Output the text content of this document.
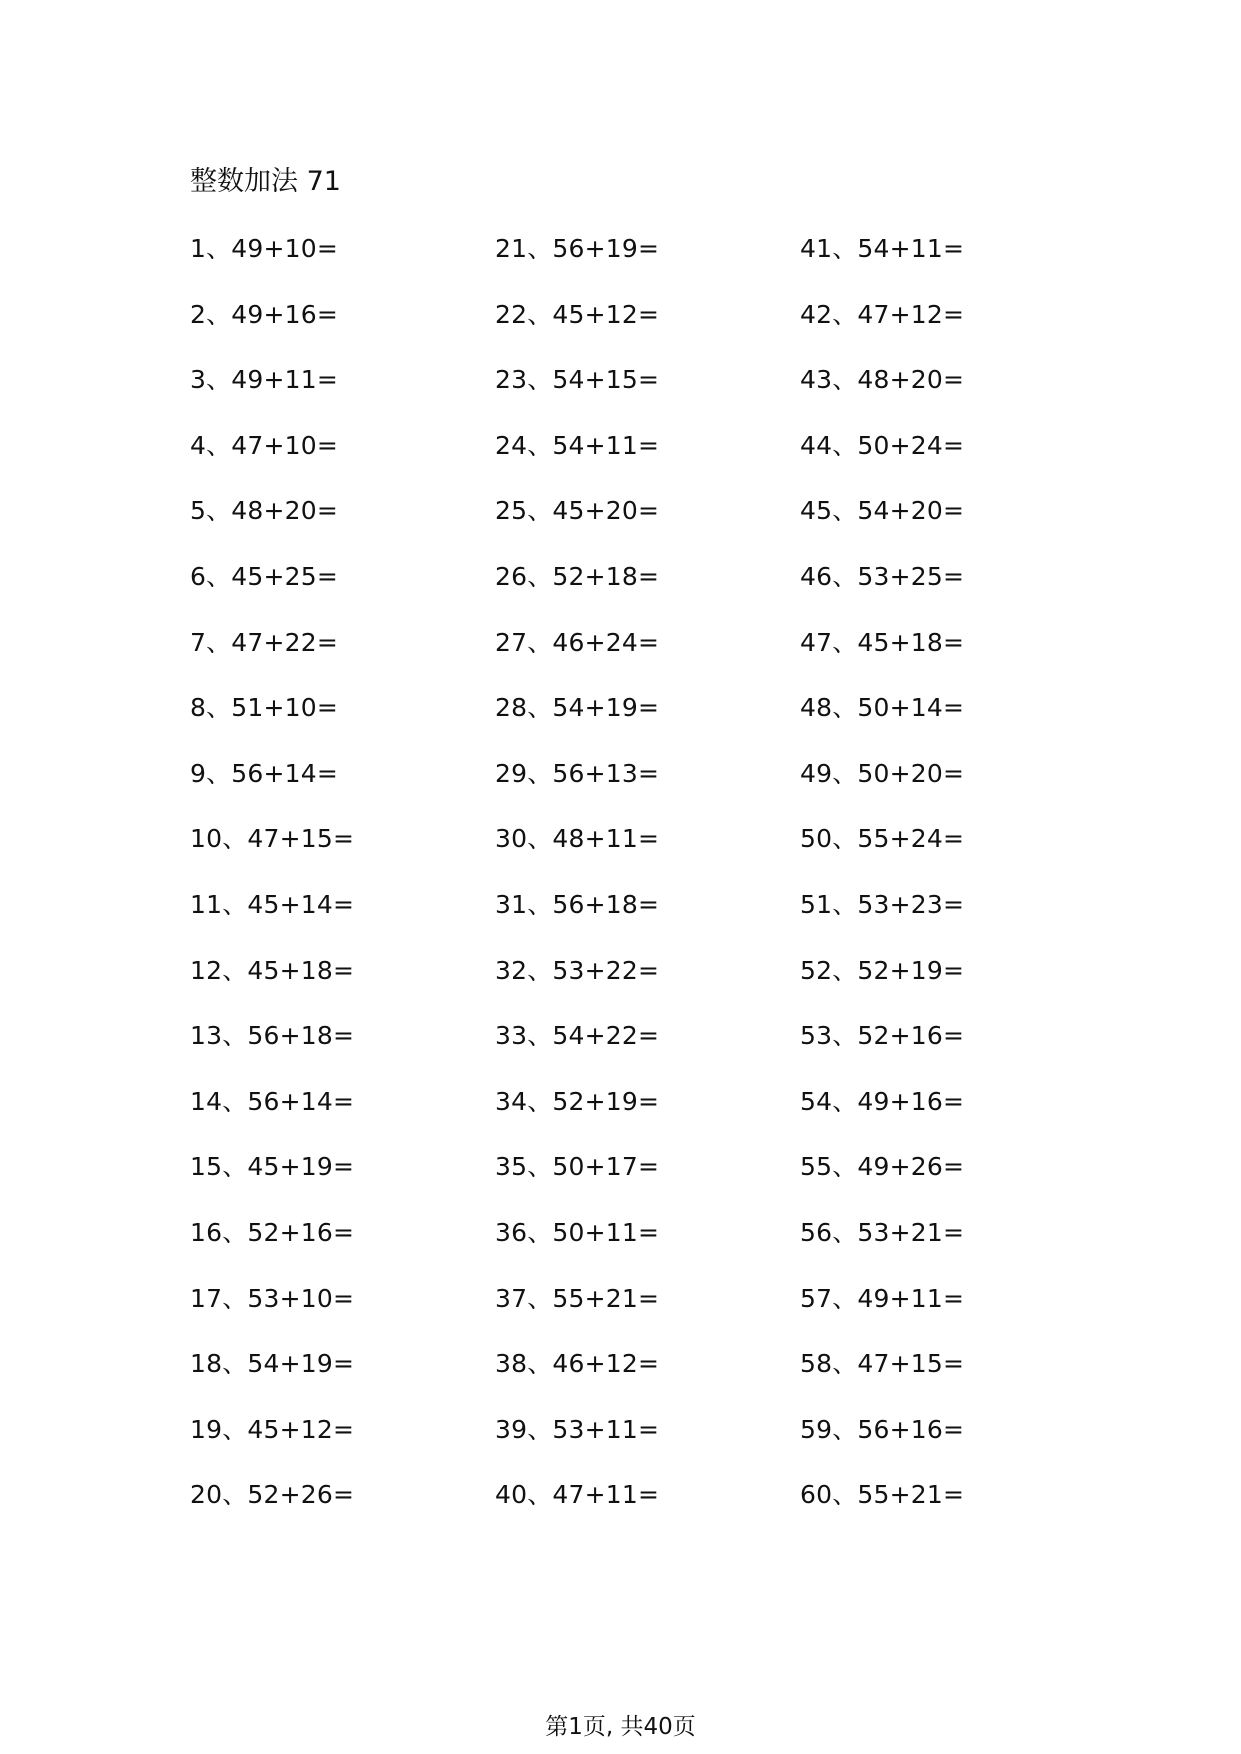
整数加法 71
1、49+10=
2、49+16=
3、49+11=
4、47+10=
5、48+20=
6、45+25=
7、47+22=
8、51+10=
9、56+14=
10、47+15=
11、45+14=
12、45+18=
13、56+18=
14、56+14=
15、45+19=
16、52+16=
17、53+10=
18、54+19=
19、45+12=
20、52+26=
21、56+19=
22、45+12=
23、54+15=
24、54+11=
25、45+20=
26、52+18=
27、46+24=
28、54+19=
29、56+13=
30、48+11=
31、56+18=
32、53+22=
33、54+22=
34、52+19=
35、50+17=
36、50+11=
37、55+21=
38、46+12=
39、53+11=
40、47+11=
41、54+11=
42、47+12=
43、48+20=
44、50+24=
45、54+20=
46、53+25=
47、45+18=
48、50+14=
49、50+20=
50、55+24=
51、53+23=
52、52+19=
53、52+16=
54、49+16=
55、49+26=
56、53+21=
57、49+11=
58、47+15=
59、56+16=
60、55+21=
第1页, 共40页
